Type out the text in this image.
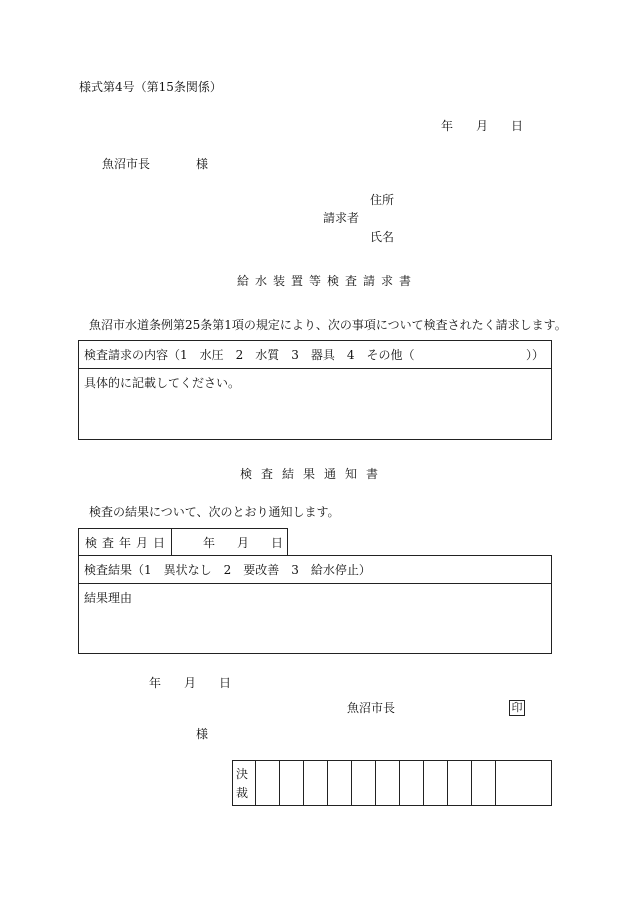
様式第4号（第15条関係）
年 月 日
魚沼市長	様
住所
請求者
氏名
給水装置等検査請求書
魚沼市水道条例第25条第1項の規定により、次の事項について検査されたく請求します。
検査請求の内容（1　水圧　2　水質　3　器具　4　その他（	））
具体的に記載してください。
検査結果通知書
検査の結果について、次のとおり通知します。
検査年月日	年 月 日
検査結果（1　異状なし　2　要改善　3　給水停止）
結果理由
年 月 日
魚沼市長	印
様
決
裁
